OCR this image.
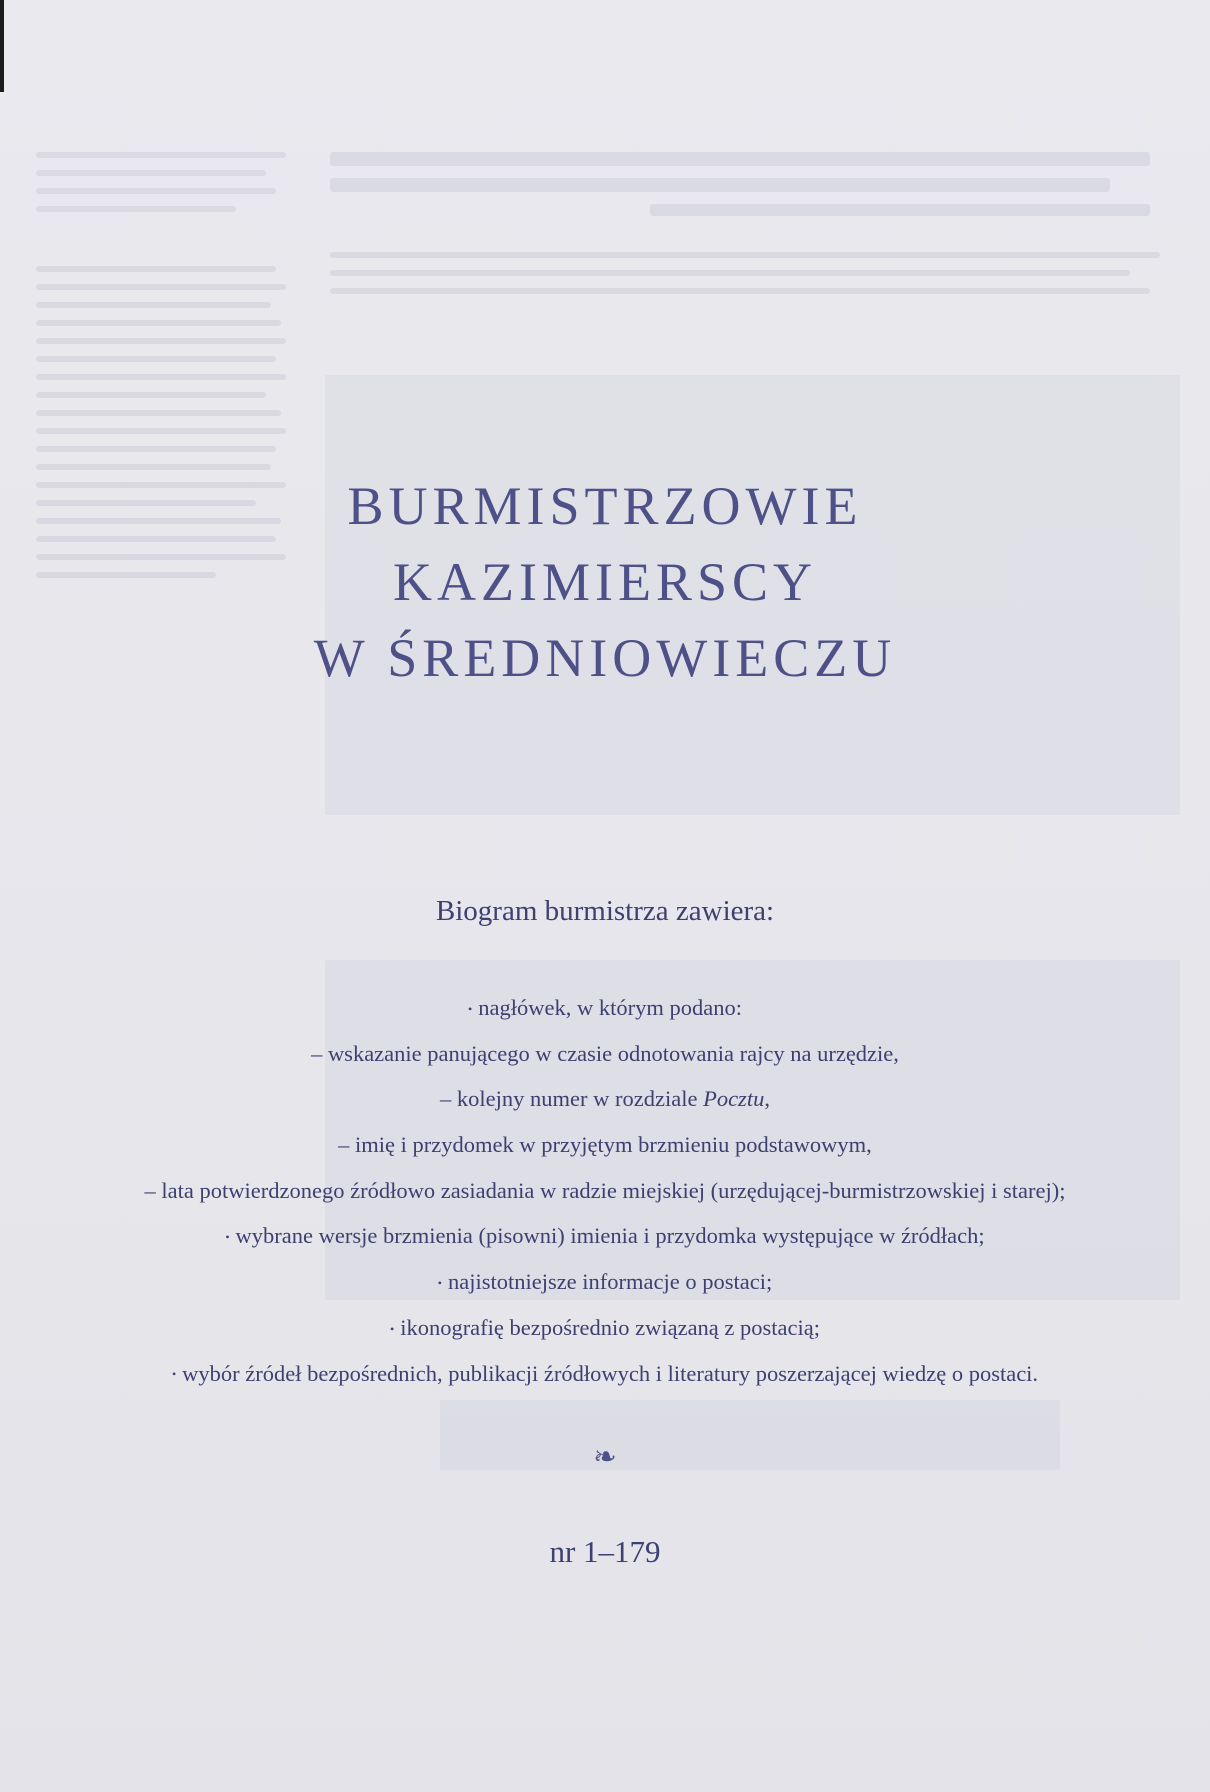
BURMISTRZOWIE
KAZIMIERSCY
W ŚREDNIOWIECZU
Biogram burmistrza zawiera:
• nagłówek, w którym podano:
– wskazanie panującego w czasie odnotowania rajcy na urzędzie,
– kolejny numer w rozdziale Pocztu,
– imię i przydomek w przyjętym brzmieniu podstawowym,
– lata potwierdzonego źródłowo zasiadania w radzie miejskiej (urzędującej-burmistrzowskiej i starej);
• wybrane wersje brzmienia (pisowni) imienia i przydomka występujące w źródłach;
• najistotniejsze informacje o postaci;
• ikonografię bezpośrednio związaną z postacią;
• wybór źródeł bezpośrednich, publikacji źródłowych i literatury poszerzającej wiedzę o postaci.
❧
nr 1–179
